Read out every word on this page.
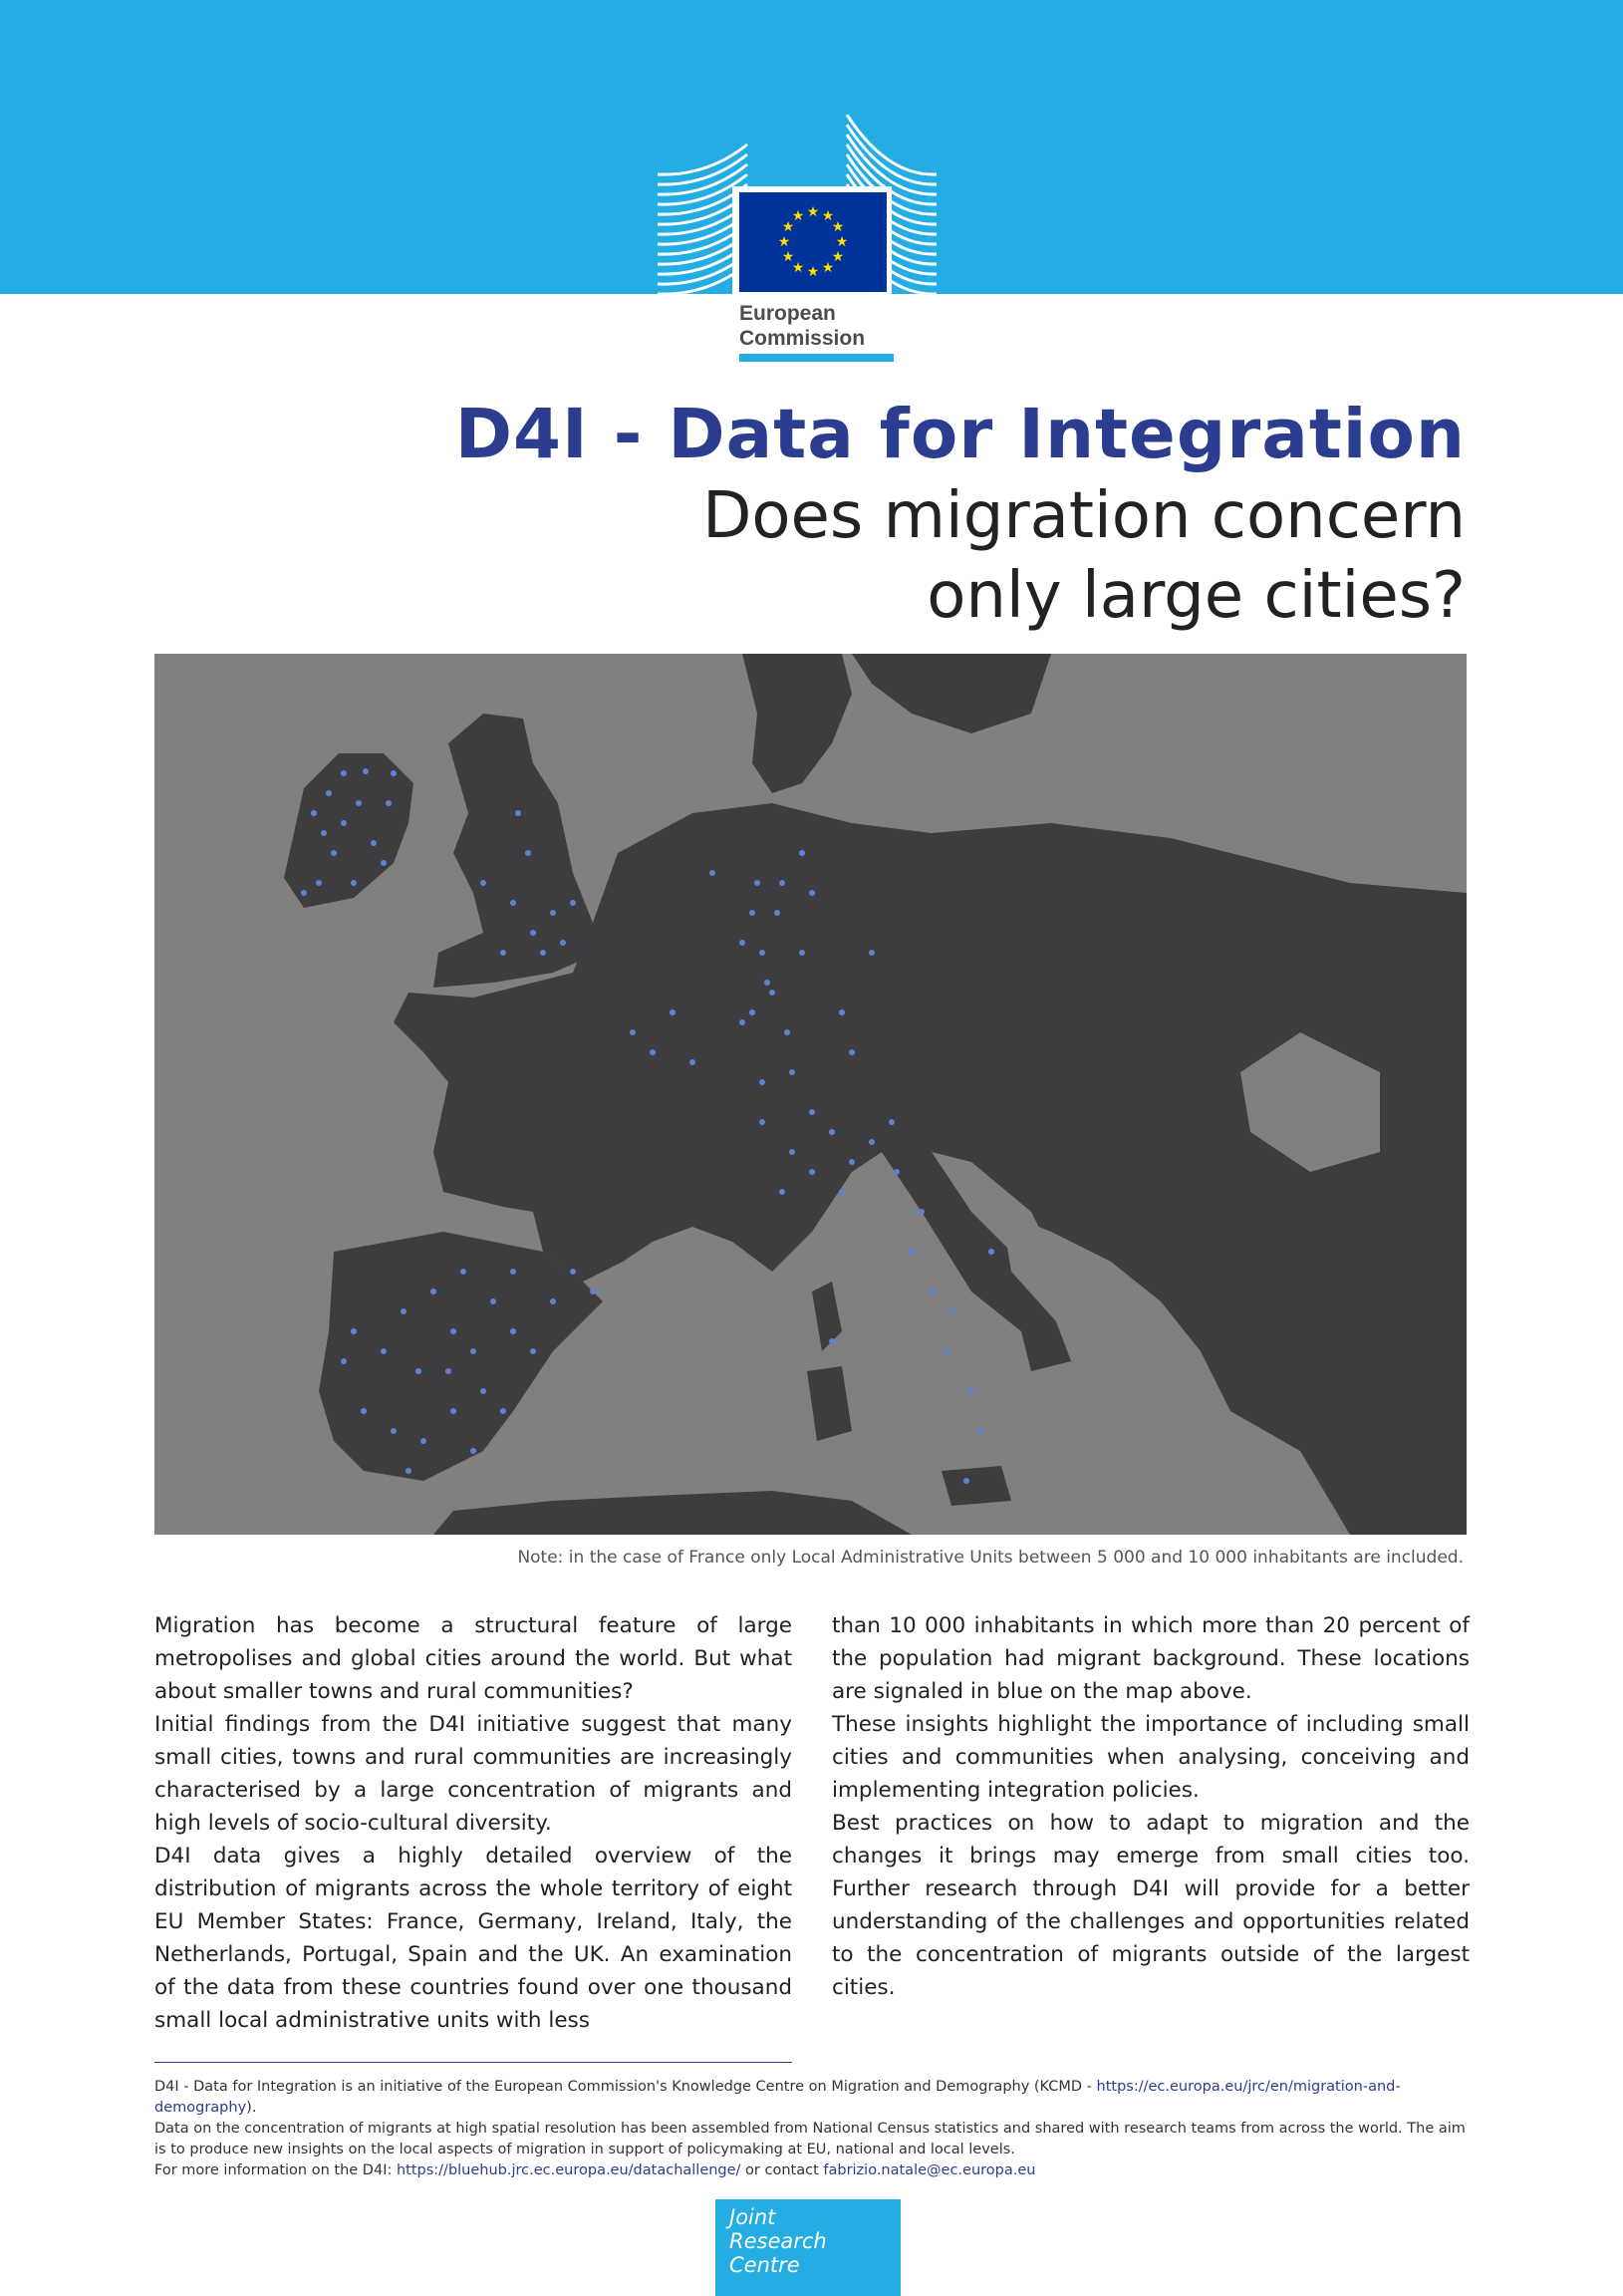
★ ★
★
★
★
★
★
★
★
★
★
★
European
Commission
D4I - Data for Integration
Does migration concern
only large cities?
Note: in the case of France only Local Administrative Units between 5 000 and 10 000 inhabitants are included.

Migration has become a structural feature of large metropolises and global cities around the world. But what about smaller towns and rural communities?

Initial findings from the D4I initiative suggest that many small cities, towns and rural communities are increasingly characterised by a large concentration of migrants and high levels of socio-cultural diversity.

D4I data gives a highly detailed overview of the distribution of migrants across the whole territory of eight EU Member States: France, Germany, Ireland, Italy, the Netherlands, Portugal, Spain and the UK. An examination of the data from these countries found over one thousand small local administrative units with less

than 10 000 inhabitants in which more than 20 percent of the population had migrant background. These locations are signaled in blue on the map above.

These insights highlight the importance of including small cities and communities when analysing, conceiving and implementing integration policies.

Best practices on how to adapt to migration and the changes it brings may emerge from small cities too. Further research through D4I will provide for a better understanding of the challenges and opportunities related to the concentration of migrants outside of the largest cities.

D4I - Data for Integration is an initiative of the European Commission's Knowledge Centre on Migration and Demography (KCMD - https://ec.europa.eu/jrc/en/migration-and-demography).

Data on the concentration of migrants at high spatial resolution has been assembled from National Census statistics and shared with research teams from across the world. The aim is to produce new insights on the local aspects of migration in support of policymaking at EU, national and local levels.

For more information on the D4I: https://bluehub.jrc.ec.europa.eu/datachallenge/ or contact fabrizio.natale@ec.europa.eu

Joint
Research
Centre
